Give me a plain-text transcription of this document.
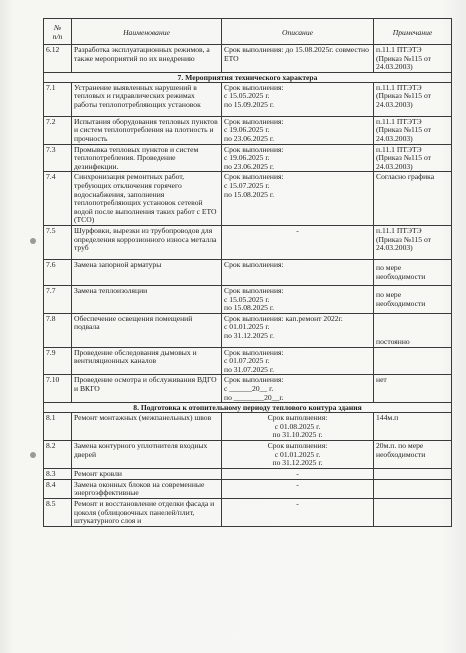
№
п/п	Наименование	Описание	Примечание
6.12	Разработка эксплуатационных режимов, а также мероприятий по их внедрению	Срок выполнения: до 15.08.2025г. совместно ЕТО	п.11.1 ПТЭТЭ (Приказ №115 от 24.03.2003)
7. Мероприятия технического характера			
7.1	Устранение выявленных нарушений в тепловых и гидравлических режимах работы теплопотребляющих установок	Срок выполнения:
с 15.05.2025 г.
по 15.09.2025 г.	п.11.1 ПТЭТЭ (Приказ №115 от 24.03.2003)
7.2	Испытания оборудования тепловых пунктов и систем теплопотребления на плотность и прочность	Срок выполнения:
с 19.06.2025 г.
по 23.06.2025 г.	п.11.1 ПТЭТЭ (Приказ №115 от 24.03.2003)
7.3	Промывка тепловых пунктов и систем теплопотребления. Проведение дезинфекции.	Срок выполнения:
с 19.06.2025 г.
по 23.06.2025 г.	п.11.1 ПТЭТЭ (Приказ №115 от 24.03.2003)
7.4	Синхронизация ремонтных работ, требующих отключения горячего водоснабжения, заполнения теплопотребляющих установок сетевой водой после выполнения таких работ с ЕТО (ТСО)	Срок выполнения:
с 15.07.2025 г.
по 15.08.2025 г.	Согласно графика
7.5	Шурфовки, вырезки из трубопроводов для определения коррозионного износа металла труб	-	п.11.1 ПТЭТЭ (Приказ №115 от 24.03.2003)
7.6	Замена запорной арматуры	Срок выполнения:	по мере необходимости
7.7	Замена теплоизоляции	Срок выполнения:
с 15.05.2025 г.
по 15.08.2025 г.	по мере необходимости
7.8	Обеспечение освещения помещений подвала	Срок выполнения: кап.ремонт 2022г.
с 01.01.2025 г.
по 31.12.2025 г.	постоянно
7.9	Проведение обследования дымовых и вентиляционных каналов	Срок выполнения:
с 01.07.2025 г.
по 31.07.2025 г.	
7.10	Проведение осмотра и обслуживания ВДГО и ВКГО	Срок выполнения:
с ______20__ г.
по ________20__г.	нет
8. Подготовка к отопительному периоду теплового контура здания			
8.1	Ремонт монтажных (межпанельных) швов	Срок выполнения:
с 01.08.2025 г.
по 31.10.2025 г.	144м.п
8.2	Замена контурного уплотнителя входных дверей	Срок выполнения:
с 01.01.2025 г.
по 31.12.2025 г.	20м.п. по мере необходимости
8.3	Ремонт кровли	-	
8.4	Замена оконных блоков на современные энергоэффективные	-	
8.5	Ремонт и восстановление отделки фасада и цоколя (облицовочных панелей/плит, штукатурного слоя и	-	
